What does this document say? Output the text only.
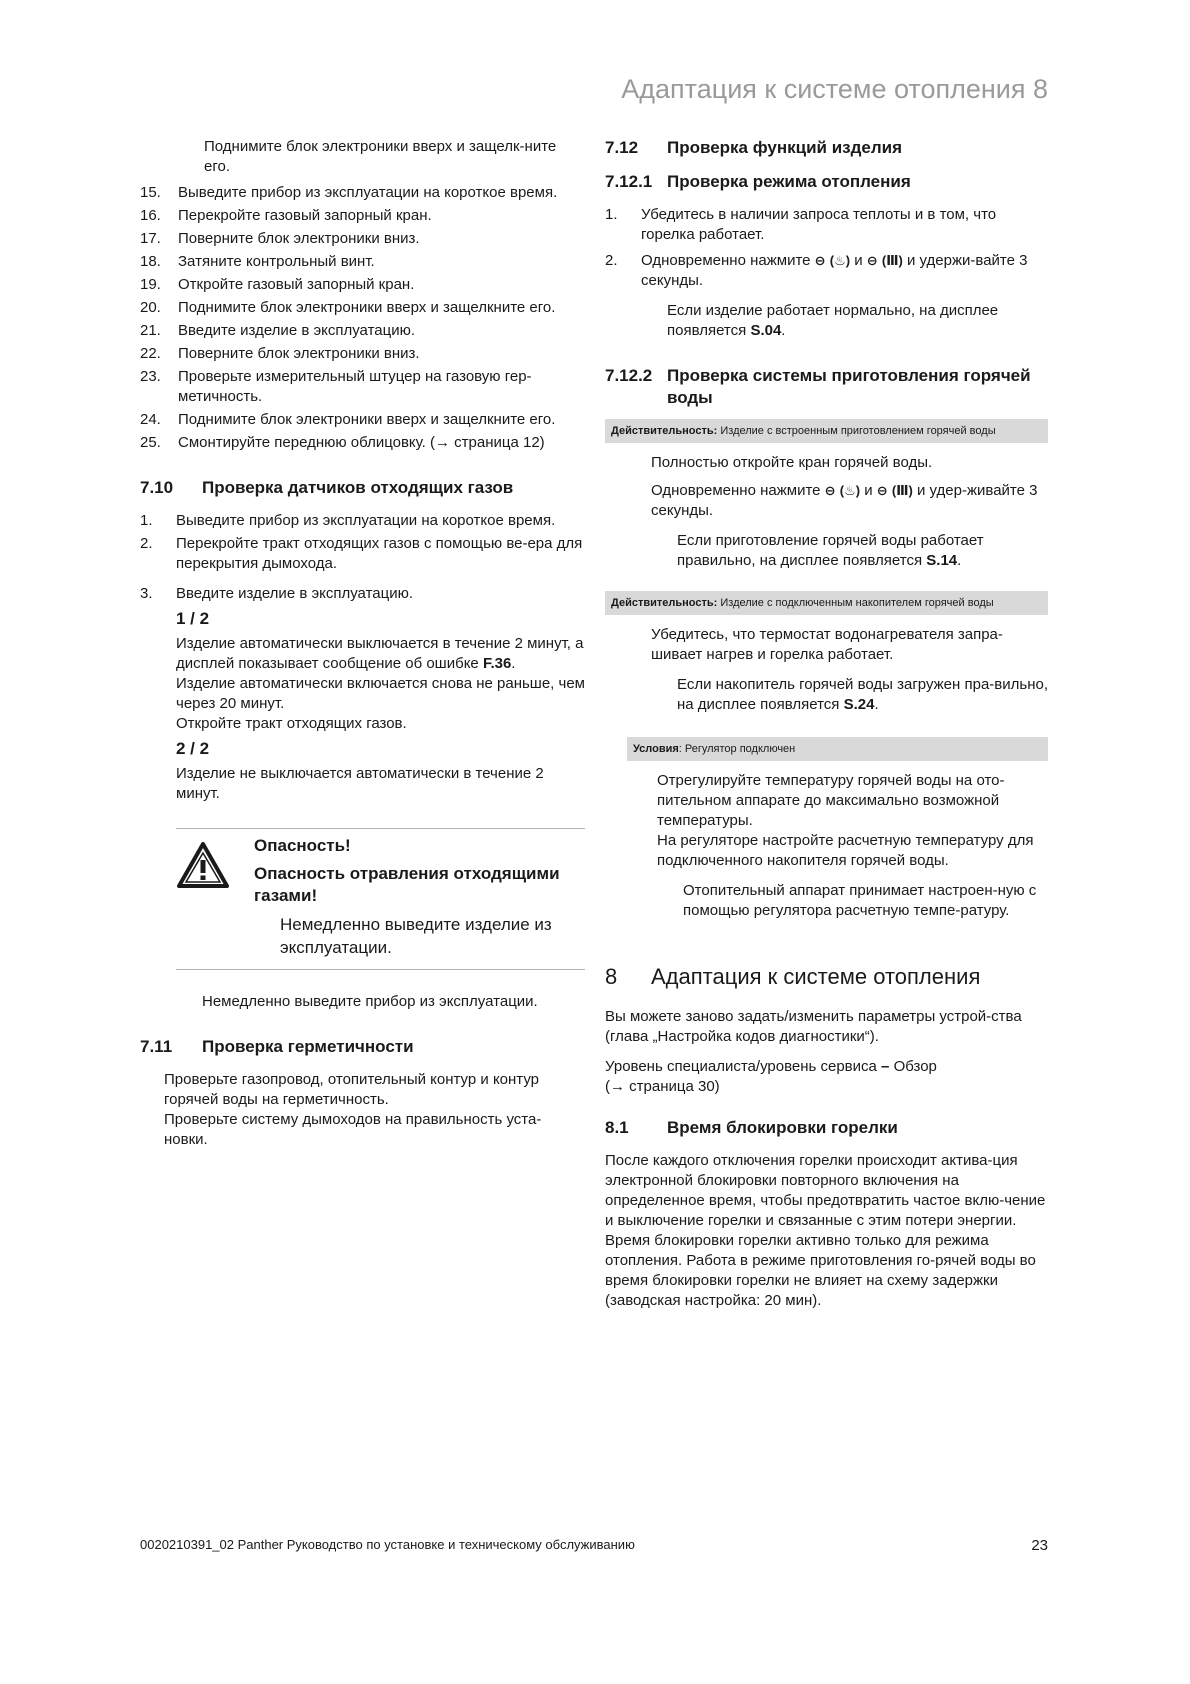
Адаптация к системе отопления 8

Поднимите блок электроники вверх и защелк-ните его.

15.	Выведите прибор из эксплуатации на короткое время.
16.	Перекройте газовый запорный кран.
17.	Поверните блок электроники вниз.
18.	Затяните контрольный винт.
19.	Откройте газовый запорный кран.
20.	Поднимите блок электроники вверх и защелкните его.
21.	Введите изделие в эксплуатацию.
22.	Поверните блок электроники вниз.
23.	Проверьте измерительный штуцер на газовую гер-метичность.
24.	Поднимите блок электроники вверх и защелкните его.
25.	Смонтируйте переднюю облицовку. (→ страница 12)
7.10	Проверка датчиков отходящих газов
1.	Выведите прибор из эксплуатации на короткое время.
2.	Перекройте тракт отходящих газов с помощью ве-ера для перекрытия дымохода.
3.	Введите изделие в эксплуатацию.
1 / 2

Изделие автоматически выключается в течение 2 минут, а дисплей показывает сообщение об ошибке F.36.

Изделие автоматически включается снова не раньше, чем через 20 минут.

Откройте тракт отходящих газов.

2 / 2

Изделие не выключается автоматически в течение 2 минут.

Опасность!
Опасность отравления отходящими газами!
Немедленно выведите изделие из эксплуатации.

Немедленно выведите прибор из эксплуатации.

7.11	Проверка герметичности

Проверьте газопровод, отопительный контур и контур горячей воды на герметичность.

Проверьте систему дымоходов на правильность уста-новки.

7.12	Проверка функций изделия
7.12.1 Проверка режима отопления
1.	Убедитесь в наличии запроса теплоты и в том, что горелка работает.
2.	Одновременно нажмите ⊖ (♨) и ⊖ (Ⅲ) и удержи-вайте 3 секунды.

Если изделие работает нормально, на дисплее появляется S.04.

7.12.2 Проверка системы приготовления горячей воды
Действительность: Изделие с встроенным приготовлением горячей воды

Полностью откройте кран горячей воды.

Одновременно нажмите ⊖ (♨) и ⊖ (Ⅲ) и удер-живайте 3 секунды.

Если приготовление горячей воды работает правильно, на дисплее появляется S.14.

Действительность: Изделие с подключенным накопителем горячей воды

Убедитесь, что термостат водонагревателя запра-шивает нагрев и горелка работает.

Если накопитель горячей воды загружен пра-вильно, на дисплее появляется S.24.

Условия: Регулятор подключен

Отрегулируйте температуру горячей воды на ото-пительном аппарате до максимально возможной температуры.

На регуляторе настройте расчетную температуру для подключенного накопителя горячей воды.

Отопительный аппарат принимает настроен-ную с помощью регулятора расчетную темпе-ратуру.

8	Адаптация к системе отопления

Вы можете заново задать/изменить параметры устрой-ства (глава „Настройка кодов диагностики“).

Уровень специалиста/уровень сервиса – Обзор
(→ страница 30)

8.1	Время блокировки горелки

После каждого отключения горелки происходит актива-ция электронной блокировки повторного включения на определенное время, чтобы предотвратить частое вклю-чение и выключение горелки и связанные с этим потери энергии. Время блокировки горелки активно только для режима отопления. Работа в режиме приготовления го-рячей воды во время блокировки горелки не влияет на схему задержки (заводская настройка: 20 мин).

0020210391_02 Panther Руководство по установке и техническому обслуживанию	23
